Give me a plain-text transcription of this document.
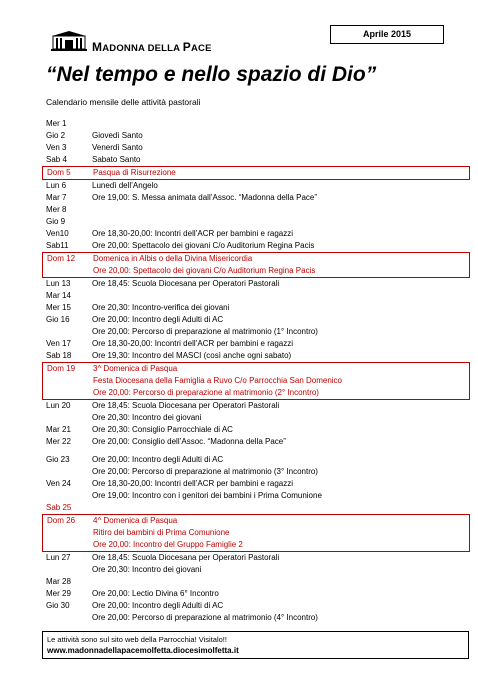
MADONNA DELLA PACE
Aprile 2015
“Nel tempo e nello spazio di Dio”
Calendario mensile delle attività pastorali
Mer 1
Gio 2	Giovedì Santo
Ven 3	Venerdì Santo
Sab 4	Sabato Santo
Dom 5	Pasqua di Risurrezione
Lun 6	Lunedì dell’Angelo
Mar 7	Ore 19,00: S. Messa animata dall’Assoc. “Madonna della Pace”
Mer 8
Gio 9
Ven10	Ore 18,30-20,00: Incontri dell’ACR per bambini e ragazzi
Sab11	Ore 20,00: Spettacolo dei giovani C/o Auditorium Regina Pacis
Dom 12	Domenica in Albis o della Divina Misericordia
Ore 20,00: Spettacolo dei giovani C/o Auditorium Regina Pacis
Lun 13	Ore 18,45: Scuola Diocesana per Operatori Pastorali
Mar 14
Mer 15	Ore 20,30: Incontro-verifica dei giovani
Gio 16	Ore 20,00: Incontro degli Adulti di AC
Ore 20,00: Percorso di preparazione al matrimonio (1° Incontro)
Ven 17	Ore 18,30-20,00: Incontri dell’ACR per bambini e ragazzi
Sab 18	Ore 19,30: Incontro del MASCI (così anche ogni sabato)
Dom 19	3^ Domenica di Pasqua
Festa Diocesana della Famiglia a Ruvo C/o Parrocchia San Domenico
Ore 20,00: Percorso di preparazione al matrimonio (2° Incontro)
Lun 20	Ore 18,45: Scuola Diocesana per Operatori Pastorali
Ore 20,30: Incontro dei giovani
Mar 21	Ore 20,30: Consiglio Parrocchiale di AC
Mer 22	Ore 20,00: Consiglio dell’Assoc. “Madonna della Pace”
Gio 23	Ore 20,00: Incontro degli Adulti di AC
Ore 20,00: Percorso di preparazione al matrimonio (3° Incontro)
Ven 24	Ore 18,30-20,00: Incontri dell’ACR per bambini e ragazzi
Ore 19,00: Incontro con i genitori dei bambini i Prima Comunione
Sab 25
Dom 26	4^ Domenica di Pasqua
Ritiro dei bambini di Prima Comunione
Ore 20,00: Incontro del Gruppo Famiglie 2
Lun 27	Ore 18,45: Scuola Diocesana per Operatori Pastorali
Ore 20,30: Incontro dei giovani
Mar 28
Mer 29	Ore 20,00: Lectio Divina 6° Incontro
Gio 30	Ore 20,00: Incontro degli Adulti di AC
Ore 20,00: Percorso di preparazione al matrimonio (4° Incontro)
Le attività sono sul sito web della Parrocchia! Visitalo!!
www.madonnadellapacemolfetta.diocesimolfetta.it
